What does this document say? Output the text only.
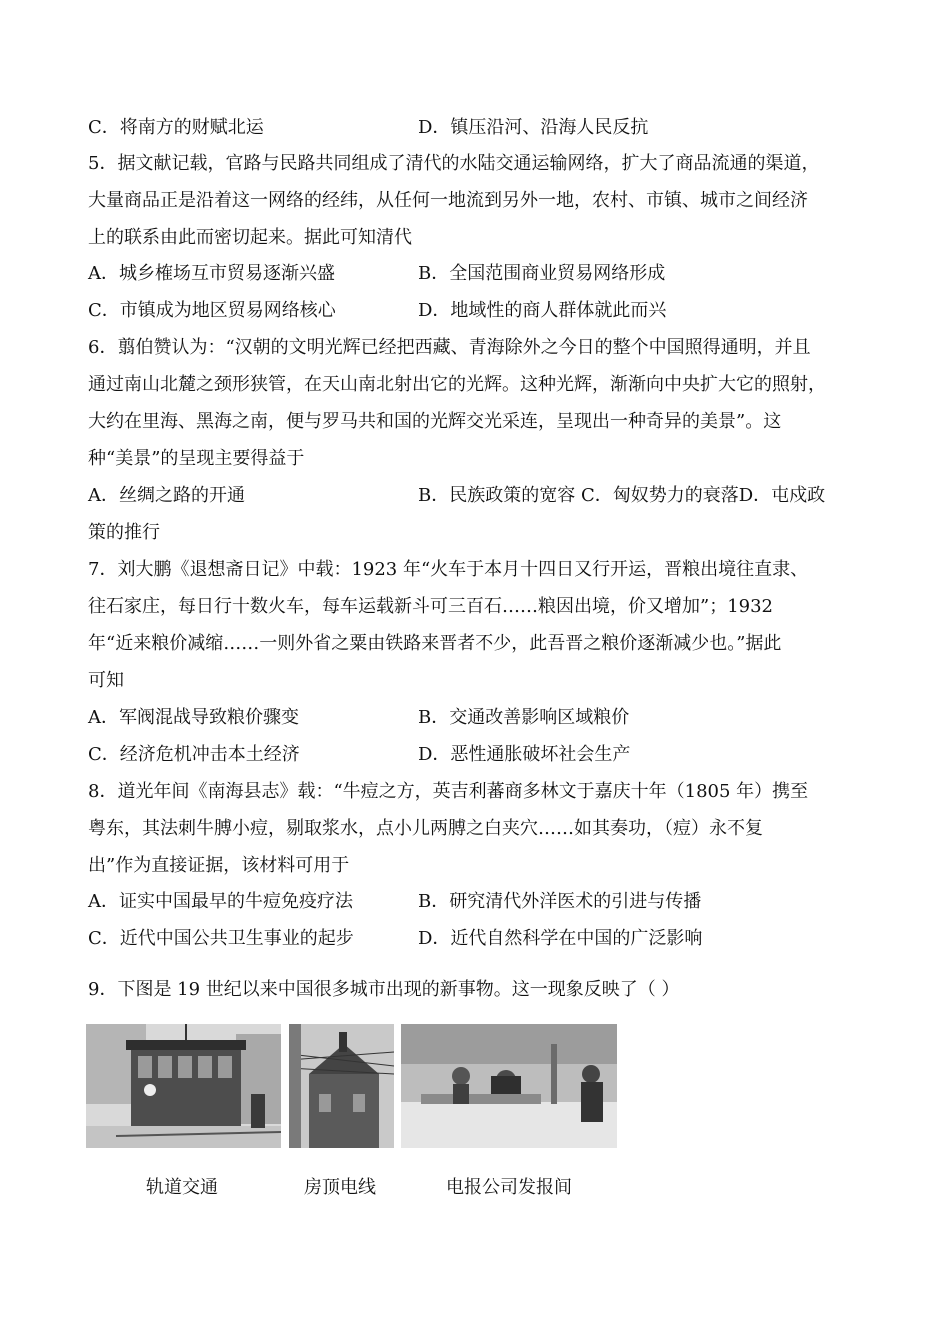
C．将南方的财赋北运	D．镇压沿河、沿海人民反抗
5．据文献记载，官路与民路共同组成了清代的水陆交通运输网络，扩大了商品流通的渠道，
大量商品正是沿着这一网络的经纬，从任何一地流到另外一地，农村、市镇、城市之间经济
上的联系由此而密切起来。据此可知清代
A．城乡榷场互市贸易逐渐兴盛	B．全国范围商业贸易网络形成
C．市镇成为地区贸易网络核心	D．地域性的商人群体就此而兴
6．翦伯赞认为：“汉朝的文明光辉已经把西藏、青海除外之今日的整个中国照得通明，并且
通过南山北麓之颈形狭管，在天山南北射出它的光辉。这种光辉，渐渐向中央扩大它的照射，
大约在里海、黑海之南，便与罗马共和国的光辉交光采连，呈现出一种奇异的美景”。这
种“美景”的呈现主要得益于
A．丝绸之路的开通	B．民族政策的宽容 C．匈奴势力的衰落D．屯戍政
策的推行
7．刘大鹏《退想斋日记》中载：1923 年“火车于本月十四日又行开运，晋粮出境往直隶、
往石家庄，每日行十数火车，每车运载新斗可三百石……粮因出境，价又增加”；1932
年“近来粮价减缩……一则外省之粟由铁路来晋者不少，此吾晋之粮价逐渐减少也。”据此
可知
A．军阀混战导致粮价骤变	B．交通改善影响区域粮价
C．经济危机冲击本土经济	D．恶性通胀破坏社会生产
8．道光年间《南海县志》载：“牛痘之方，英吉利蕃商多林文于嘉庆十年（1805 年）携至
粤东，其法刺牛膊小痘，剔取浆水，点小儿两膊之白夹穴……如其奏功，（痘）永不复
出”作为直接证据，该材料可用于
A．证实中国最早的牛痘免疫疗法	B．研究清代外洋医术的引进与传播
C．近代中国公共卫生事业的起步	D．近代自然科学在中国的广泛影响
9．下图是 19 世纪以来中国很多城市出现的新事物。这一现象反映了（ ）
轨道交通	房顶电线	电报公司发报间
